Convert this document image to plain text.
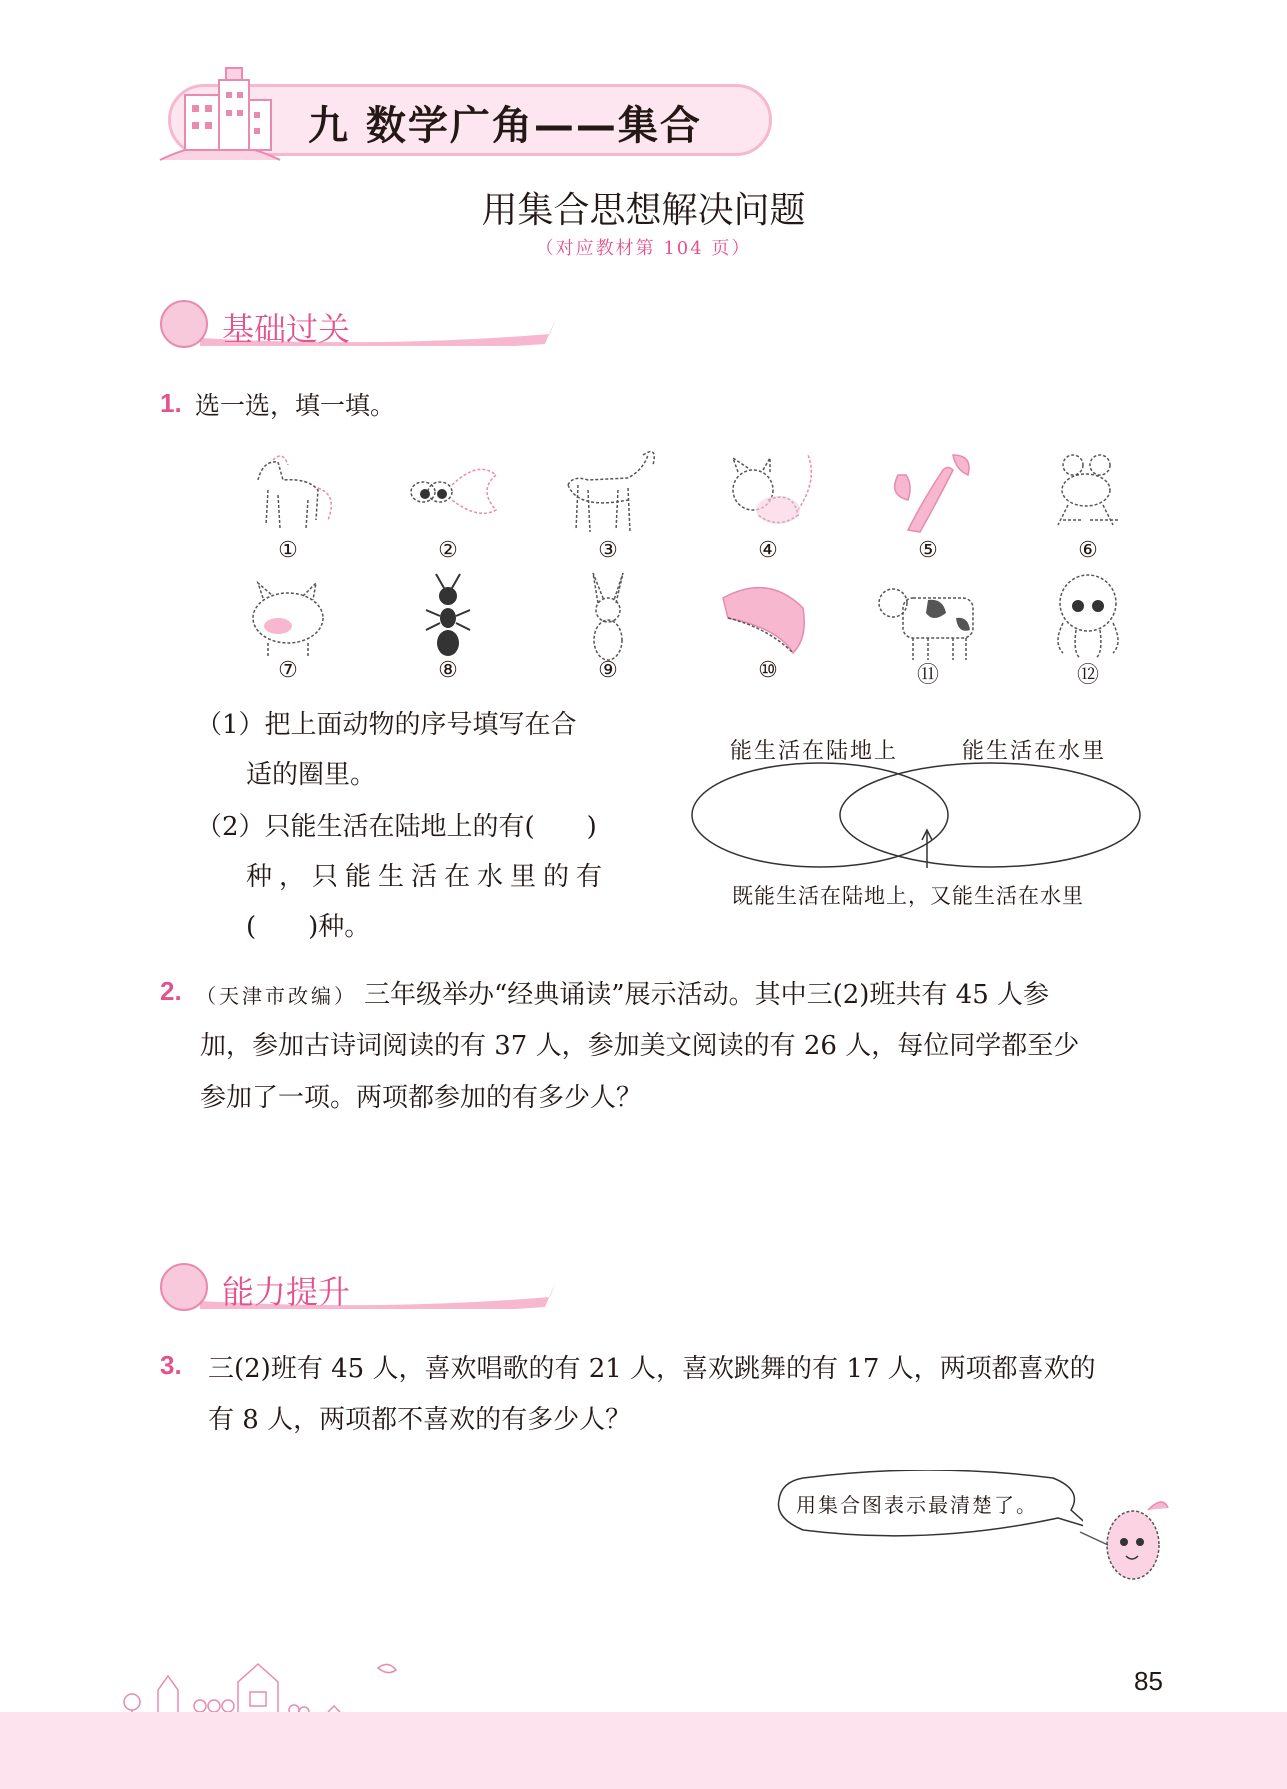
九 数学广角——集合
用集合思想解决问题
（对应教材第 104 页）
基础过关
1. 选一选，填一填。
①	②	③	④	⑤	⑥
⑦	⑧	⑨	⑩	⑪	⑫
（1）把上面动物的序号填写在合
适的圈里。
（2）只能生活在陆地上的有(　　)
种，只能生活在水里的有
(　　)种。
能生活在陆地上	能生活在水里
既能生活在陆地上，又能生活在水里
2. （天津市改编） 三年级举办“经典诵读”展示活动。其中三(2)班共有 45 人参
加，参加古诗词阅读的有 37 人，参加美文阅读的有 26 人，每位同学都至少
参加了一项。两项都参加的有多少人？
能力提升
3. 三(2)班有 45 人，喜欢唱歌的有 21 人，喜欢跳舞的有 17 人，两项都喜欢的
有 8 人，两项都不喜欢的有多少人？
用集合图表示最清楚了。
85
